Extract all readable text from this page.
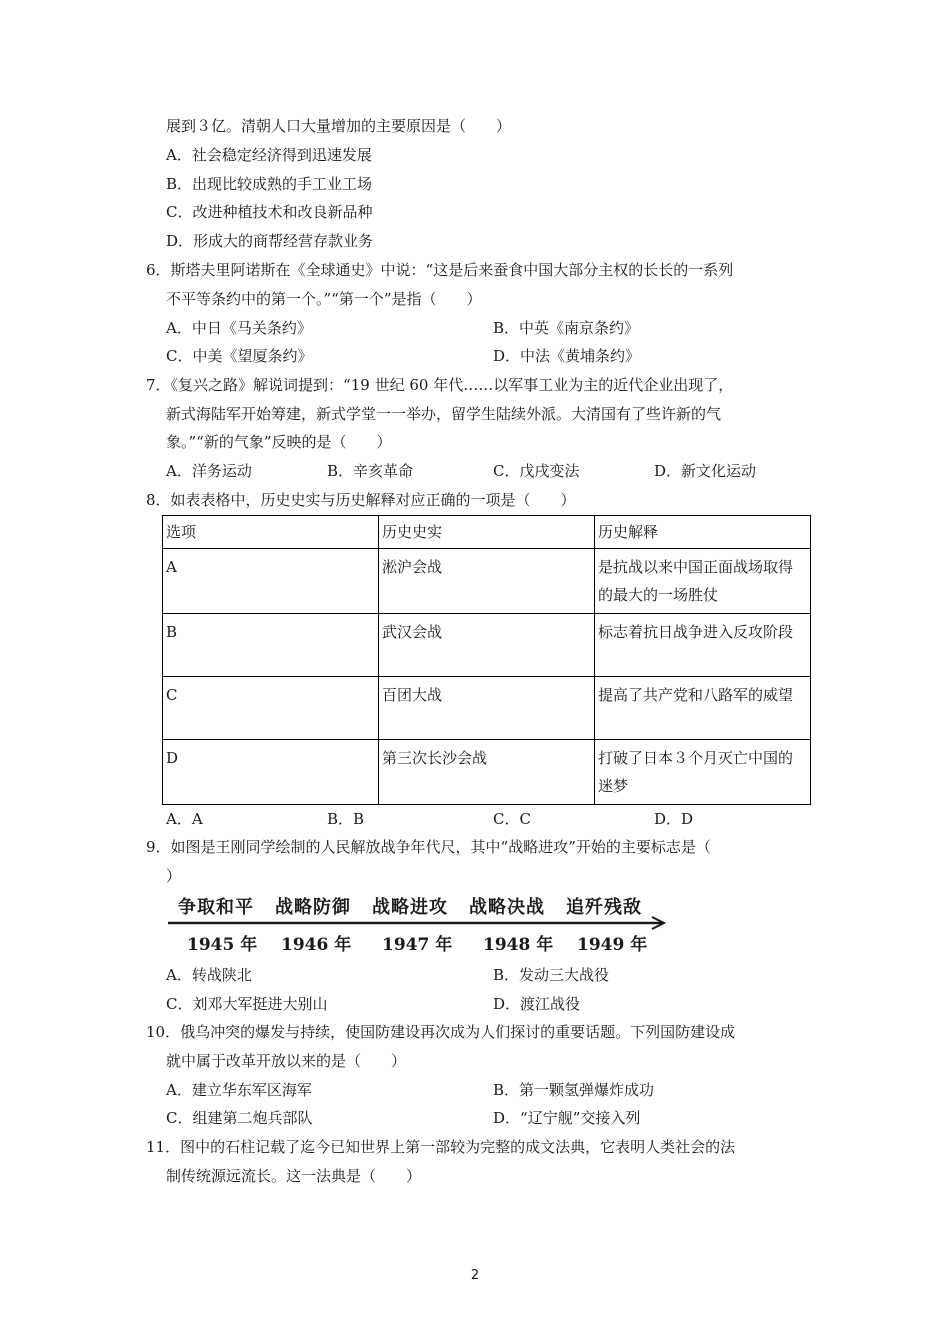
展到３亿。清朝人口大量增加的主要原因是（　　）
A．社会稳定经济得到迅速发展
B．出现比较成熟的手工业工场
C．改进种植技术和改良新品种
D．形成大的商帮经营存款业务
6．斯塔夫里阿诺斯在《全球通史》中说：“这是后来蚕食中国大部分主权的长长的一系列
不平等条约中的第一个。”“第一个”是指（　　）
A．中日《马关条约》	B．中英《南京条约》
C．中美《望厦条约》	D．中法《黄埔条约》
7．《复兴之路》解说词提到：“19 世纪 60 年代……以军事工业为主的近代企业出现了，
新式海陆军开始筹建，新式学堂一一举办，留学生陆续外派。大清国有了些许新的气
象。”“新的气象”反映的是（　　）
A．洋务运动	B．辛亥革命	C．戊戌变法	D．新文化运动
8．如表表格中，历史史实与历史解释对应正确的一项是（　　）
选项	历史史实	历史解释
A	淞沪会战	是抗战以来中国正面战场取得的最大的一场胜仗
B	武汉会战	标志着抗日战争进入反攻阶段
C	百团大战	提高了共产党和八路军的威望
D	第三次长沙会战	打破了日本３个月灭亡中国的迷梦
A．A	B．B	C．C	D．D
9．如图是王刚同学绘制的人民解放战争年代尺，其中“战略进攻”开始的主要标志是（
）
争取和平 战略防御 战略进攻 战略决战 追歼残敌
1945 年 1946 年 1947 年 1948 年 1949 年
A．转战陕北	B．发动三大战役
C．刘邓大军挺进大别山	D．渡江战役
10．俄乌冲突的爆发与持续，使国防建设再次成为人们探讨的重要话题。下列国防建设成
就中属于改革开放以来的是（　　）
A．建立华东军区海军	B．第一颗氢弹爆炸成功
C．组建第二炮兵部队	D．“辽宁舰”交接入列
11．图中的石柱记载了迄今已知世界上第一部较为完整的成文法典，它表明人类社会的法
制传统源远流长。这一法典是（　　）
2
